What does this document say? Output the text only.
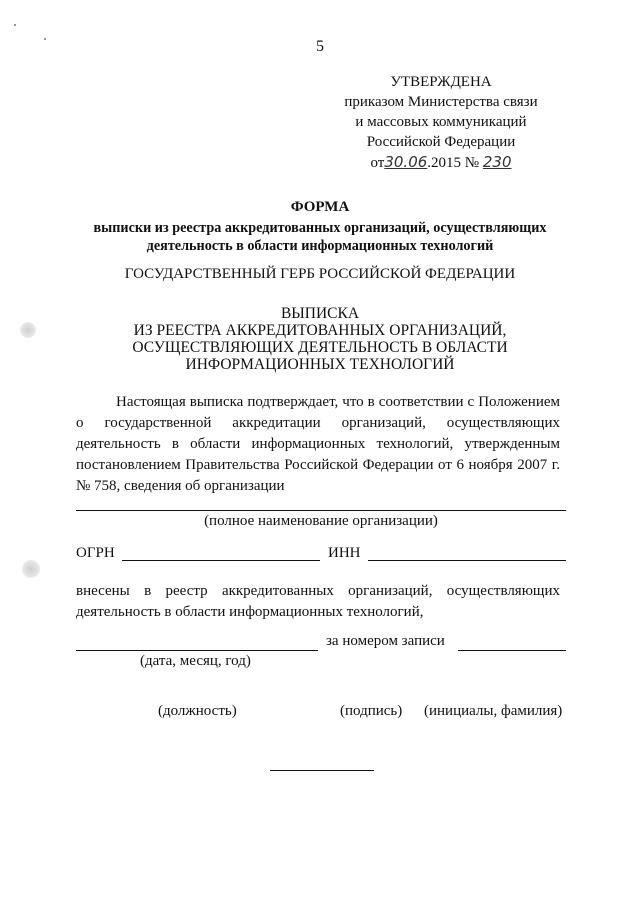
5
УТВЕРЖДЕНА
приказом Министерства связи
и массовых коммуникаций
Российской Федерации
от30.06.2015 № 230
ФОРМА
выписки из реестра аккредитованных организаций, осуществляющих деятельность в области информационных технологий
ГОСУДАРСТВЕННЫЙ ГЕРБ РОССИЙСКОЙ ФЕДЕРАЦИИ
ВЫПИСКА
ИЗ РЕЕСТРА АККРЕДИТОВАННЫХ ОРГАНИЗАЦИЙ,
ОСУЩЕСТВЛЯЮЩИХ ДЕЯТЕЛЬНОСТЬ В ОБЛАСТИ
ИНФОРМАЦИОННЫХ ТЕХНОЛОГИЙ
Настоящая выписка подтверждает, что в соответствии с Положением о государственной аккредитации организаций, осуществляющих деятельность в области информационных технологий, утвержденным постановлением Правительства Российской Федерации от 6 ноября 2007 г. № 758, сведения об организации
(полное наименование организации)
ОГРН	ИНН
внесены в реестр аккредитованных организаций, осуществляющих деятельность в области информационных технологий,
за номером записи
(дата, месяц, год)
(должность)	(подпись) (инициалы, фамилия)
